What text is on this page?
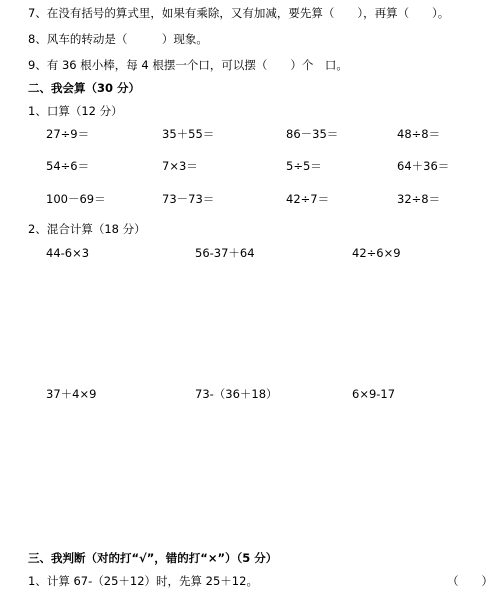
7、在没有括号的算式里，如果有乘除，又有加减，要先算（　　），再算（　　）。
8、风车的转动是（　　　）现象。
9、有 36 根小棒，每 4 根摆一个口，可以摆（　　）个　口。
二、我会算（30 分）
1、口算（12 分）
27÷9＝	35＋55＝	86－35＝	48÷8＝
54÷6＝	7×3＝	5÷5＝	64＋36＝
100－69＝	73－73＝	42÷7＝	32÷8＝
2、混合计算（18 分）
44-6×3	56-37＋64	42÷6×9
37＋4×9	73-（36＋18）	6×9-17
三、我判断（对的打“√”，错的打“×”）（5 分）
1、计算 67-（25＋12）时，先算 25＋12。	（　　）
